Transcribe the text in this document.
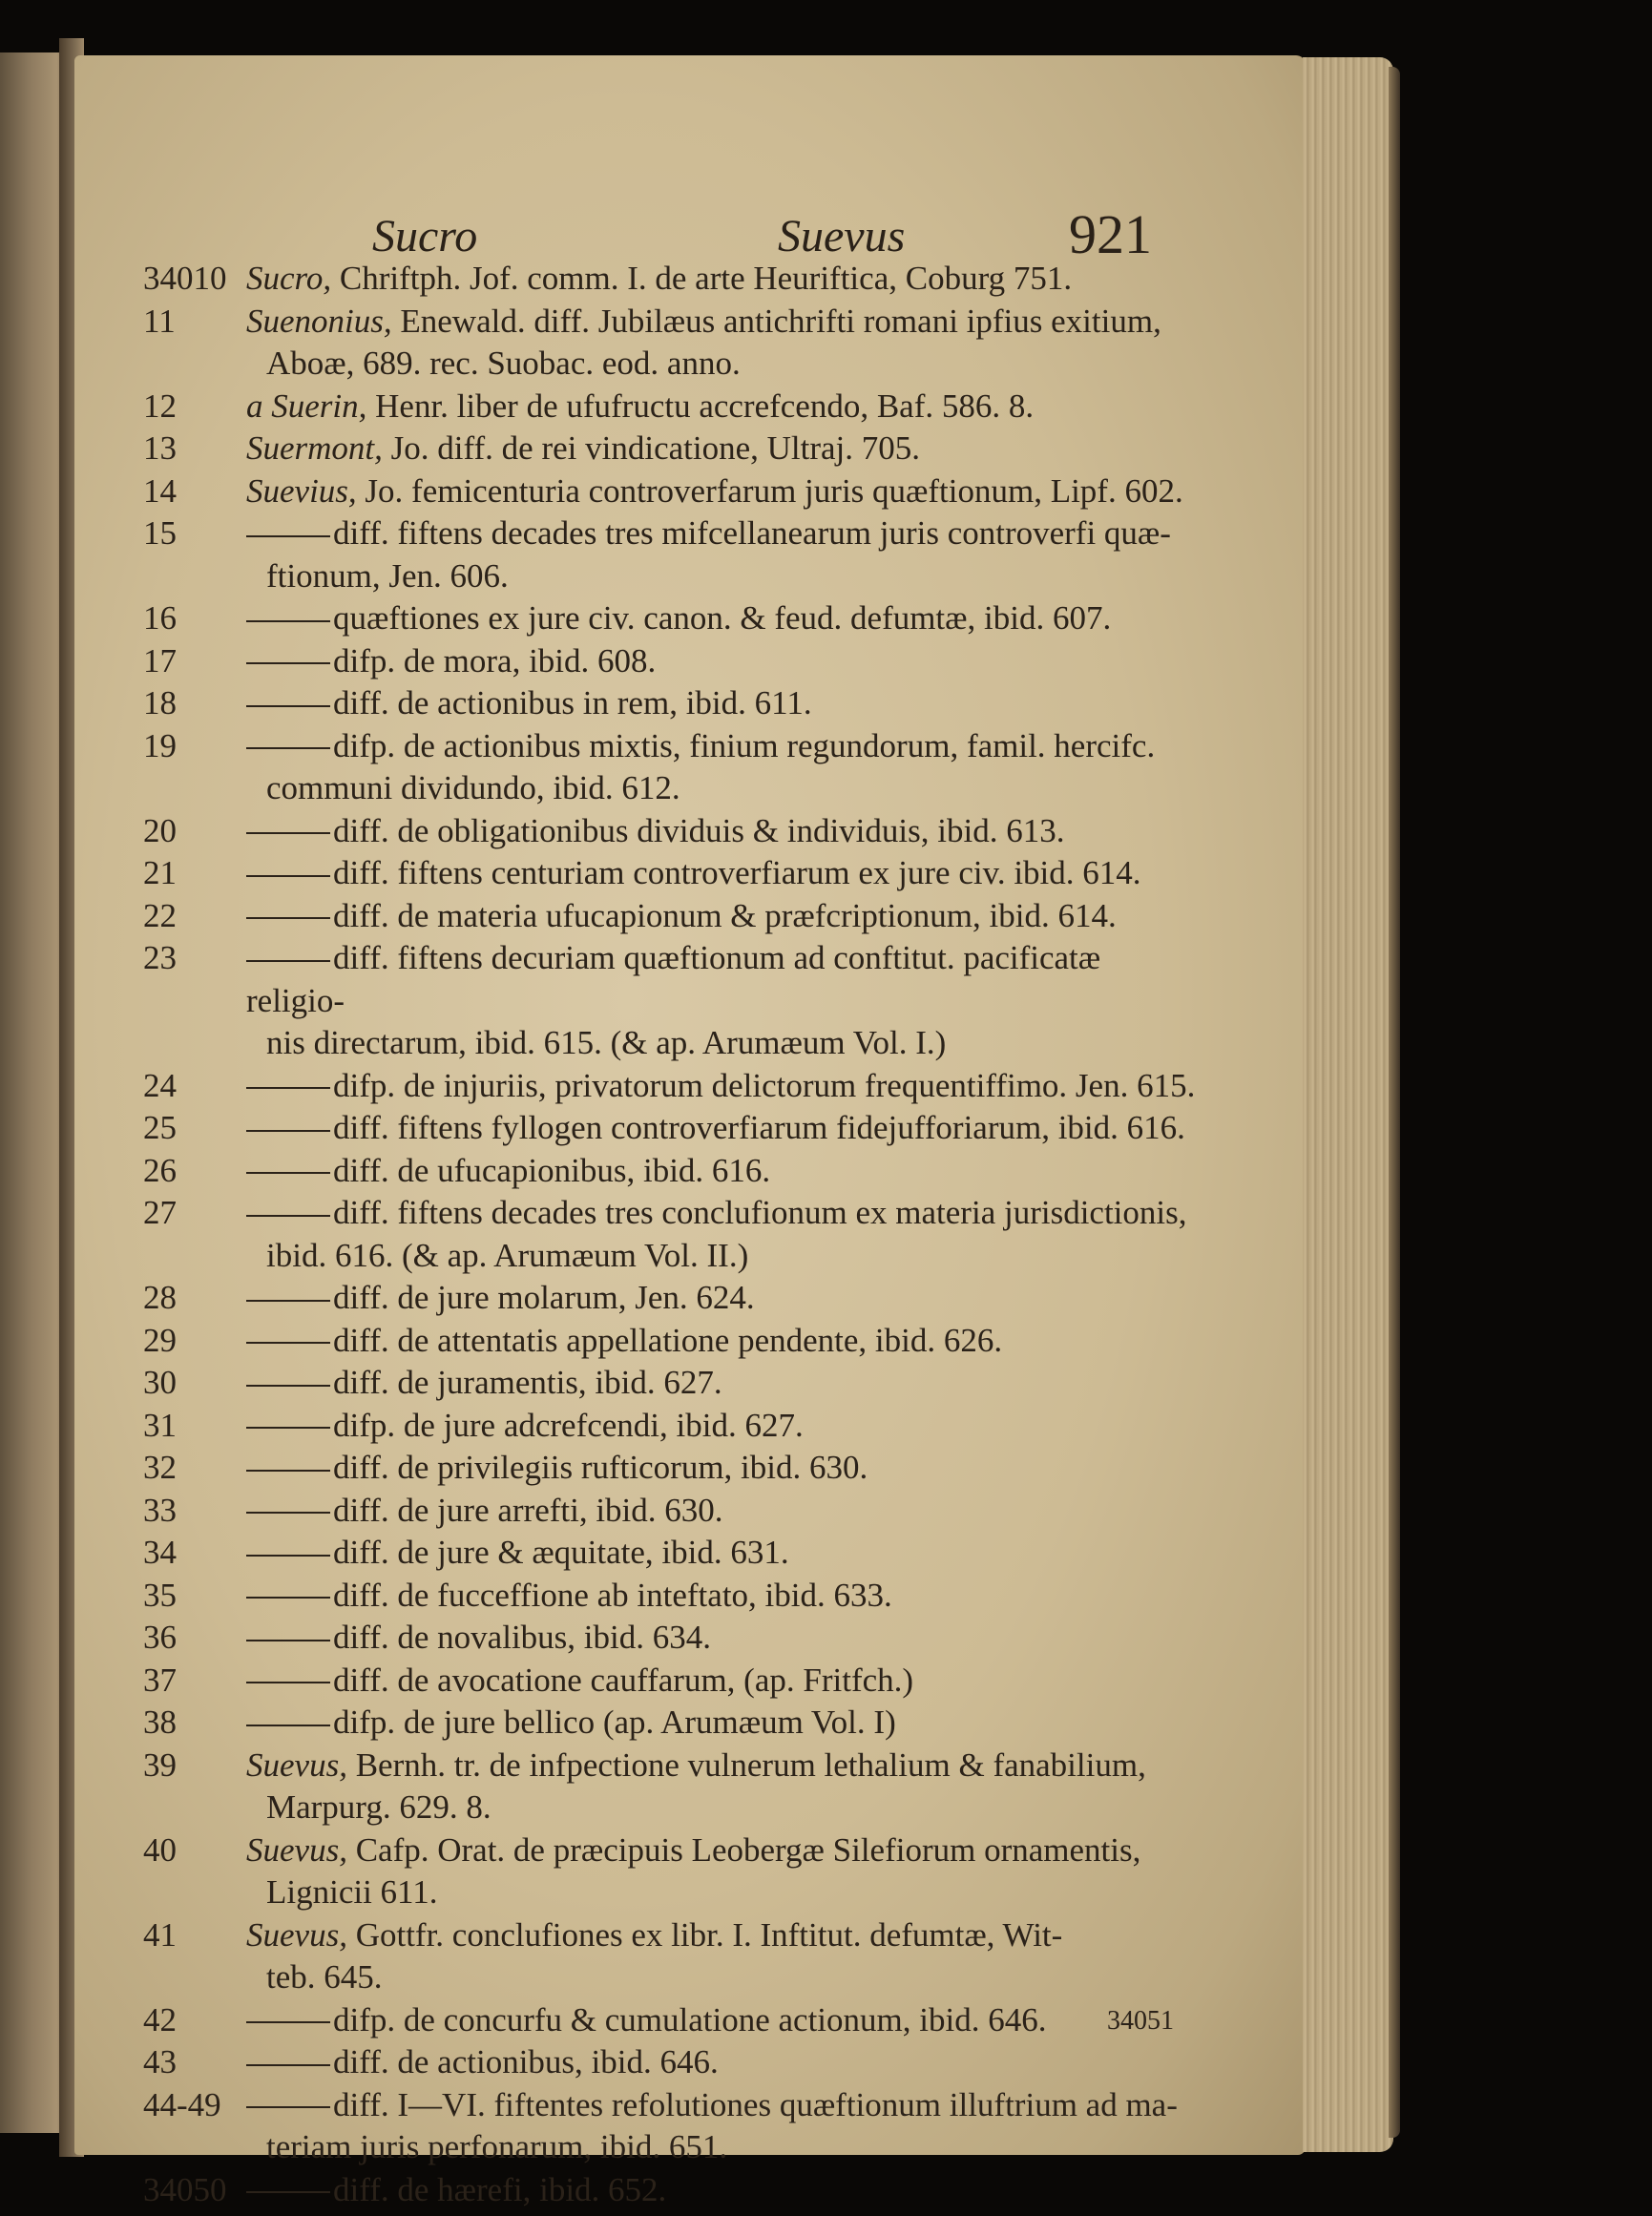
Sucro	Suevus	921
34010 Sucro, Chriftph. Jof. comm. I. de arte Heuriftica, Coburg 751.
11	Suenonius, Enewald. diff. Jubilæus antichrifti romani ipfius exitium,
Aboæ, 689. rec. Suobac. eod. anno.
12	a Suerin, Henr. liber de ufufructu accrefcendo, Baf. 586. 8.
13	Suermont, Jo. diff. de rei vindicatione, Ultraj. 705.
14	Suevius, Jo. femicenturia controverfarum juris quæftionum, Lipf. 602.
15	diff. fiftens decades tres mifcellanearum juris controverfi quæ-
ftionum, Jen. 606.
16	quæftiones ex jure civ. canon. & feud. defumtæ, ibid. 607.
17	difp. de mora, ibid. 608.
18	diff. de actionibus in rem, ibid. 611.
19	difp. de actionibus mixtis, finium regundorum, famil. hercifc.
communi dividundo, ibid. 612.
20	diff. de obligationibus dividuis & individuis, ibid. 613.
21	diff. fiftens centuriam controverfiarum ex jure civ. ibid. 614.
22	diff. de materia ufucapionum & præfcriptionum, ibid. 614.
23	diff. fiftens decuriam quæftionum ad conftitut. pacificatæ religio-
nis directarum, ibid. 615. (& ap. Arumæum Vol. I.)
24	difp. de injuriis, privatorum delictorum frequentiffimo. Jen. 615.
25	diff. fiftens fyllogen controverfiarum fidejufforiarum, ibid. 616.
26	diff. de ufucapionibus, ibid. 616.
27	diff. fiftens decades tres conclufionum ex materia jurisdictionis,
ibid. 616. (& ap. Arumæum Vol. II.)
28	diff. de jure molarum, Jen. 624.
29	diff. de attentatis appellatione pendente, ibid. 626.
30	diff. de juramentis, ibid. 627.
31	difp. de jure adcrefcendi, ibid. 627.
32	diff. de privilegiis rufticorum, ibid. 630.
33	diff. de jure arrefti, ibid. 630.
34	diff. de jure & æquitate, ibid. 631.
35	diff. de fucceffione ab inteftato, ibid. 633.
36	diff. de novalibus, ibid. 634.
37	diff. de avocatione cauffarum, (ap. Fritfch.)
38	difp. de jure bellico (ap. Arumæum Vol. I)
39	Suevus, Bernh. tr. de infpectione vulnerum lethalium & fanabilium,
Marpurg. 629. 8.
40	Suevus, Cafp. Orat. de præcipuis Leobergæ Silefiorum ornamentis,
Lignicii 611.
41	Suevus, Gottfr. conclufiones ex libr. I. Inftitut. defumtæ, Wit-
teb. 645.
42	difp. de concurfu & cumulatione actionum, ibid. 646.
43	diff. de actionibus, ibid. 646.
44-49	diff. I—VI. fiftentes refolutiones quæftionum illuftrium ad ma-
teriam juris perfonarum, ibid. 651.
34050	diff. de hærefi, ibid. 652.
34051
